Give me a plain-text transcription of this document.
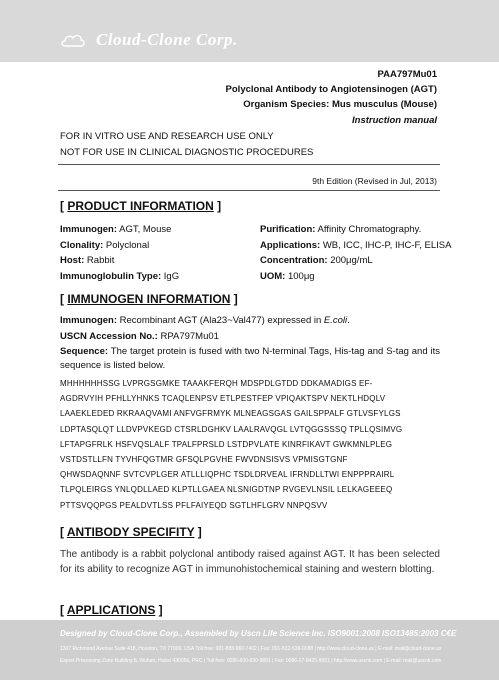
Cloud-Clone Corp.
PAA797Mu01
Polyclonal Antibody to Angiotensinogen (AGT)
Organism Species: Mus musculus (Mouse)
Instruction manual
FOR IN VITRO USE AND RESEARCH USE ONLY
NOT FOR USE IN CLINICAL DIAGNOSTIC PROCEDURES
9th Edition (Revised in Jul, 2013)
[ PRODUCT INFORMATION ]
Immunogen: AGT, Mouse
Clonality: Polyclonal
Host: Rabbit
Immunoglobulin Type: IgG
Purification: Affinity Chromatography.
Applications: WB, ICC, IHC-P, IHC-F, ELISA
Concentration: 200μg/mL
UOM: 100μg
[ IMMUNOGEN INFORMATION ]
Immunogen: Recombinant AGT (Ala23~Val477) expressed in E.coli.
USCN Accession No.: RPA797Mu01
Sequence: The target protein is fused with two N-terminal Tags, His-tag and S-tag and its sequence is listed below.
MHHHHHHSSG LVPRGSGMKE TAAAKFERQH MDSPDLGTDD DDKAMADIGS EF-
AGDRVYIH PFHLLYHNKS TCAQLENPSV ETLPESTFEP VPIQAKTSPV NEKTLHDQLV
LAAEKLEDED RKRAAQVAMI ANFVGFRMYK MLNEAGSGAS GAILSPPALF GTLVSFYLGS
LDPTASQLQT LLDVPVKEGD CTSRLDGHKV LAALRAVQGL LVTQGGSSSQ TPLLQSIMVG
LFTAPGFRLK HSFVQSLALF TPALFPRSLD LSTDPVLATE KINRFIKAVT GWKMNLPLEG
VSTDSTLLFN TYVHFQGTMR GFSQLPGVHE FWVDNSISVS VPMISGTGNF
QHWSDAQNNF SVTCVPLGER ATLLLIQPHC TSDLDRVEAL IFRNDLLTWI ENPPPRAIRL
TLPQLEIRGS YNLQDLLAED KLPTLLGAEA NLSNIGDTNP RVGEVLNSIL LELKAGEEEQ
PTTSVQQPGS PEALDVTLSS PFLFAIYEQD SGTLHFLGRV NNPQSVV
[ ANTIBODY SPECIFITY ]
The antibody is a rabbit polyclonal antibody raised against AGT. It has been selected for its ability to recognize AGT in immunohistochemical staining and western blotting.
[ APPLICATIONS ]
Designed by Cloud-Clone Corp., Assembled by Uscn Life Science Inc. ISO9001:2008 ISO13485:2003 C€E
1307 Richmond Avenue Suite 418, Houston, TX 77006, USA Toll free: 001-888-960-7402 | Fax: 001-832-538-0088 | http://www.cloud-clone.us | E-mail: mail@cloud-clone.us
Export Processing Zone Building 8, Wuhan, Hubei 430056, PRC | Toll free: 0086-800-830-9881 | Fax: 0086-27-8425-9551 | http://www.uscnk.com | E-mail: mail@uscnk.com
